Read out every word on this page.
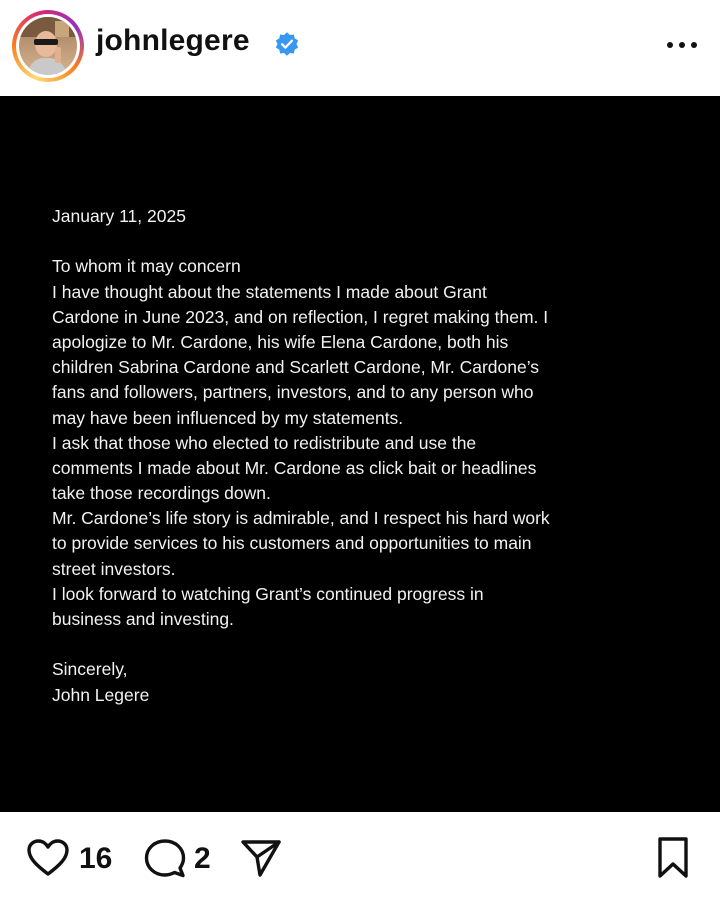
johnlegere
January 11, 2025
To whom it may concern
I have thought about the statements I made about Grant
Cardone in June 2023, and on reflection, I regret making them. I
apologize to Mr. Cardone, his wife Elena Cardone, both his
children Sabrina Cardone and Scarlett Cardone, Mr. Cardone’s
fans and followers, partners, investors, and to any person who
may have been influenced by my statements.
I ask that those who elected to redistribute and use the
comments I made about Mr. Cardone as click bait or headlines
take those recordings down.
Mr. Cardone’s life story is admirable, and I respect his hard work
to provide services to his customers and opportunities to main
street investors.
I look forward to watching Grant’s continued progress in
business and investing.
Sincerely,
John Legere
16	2
